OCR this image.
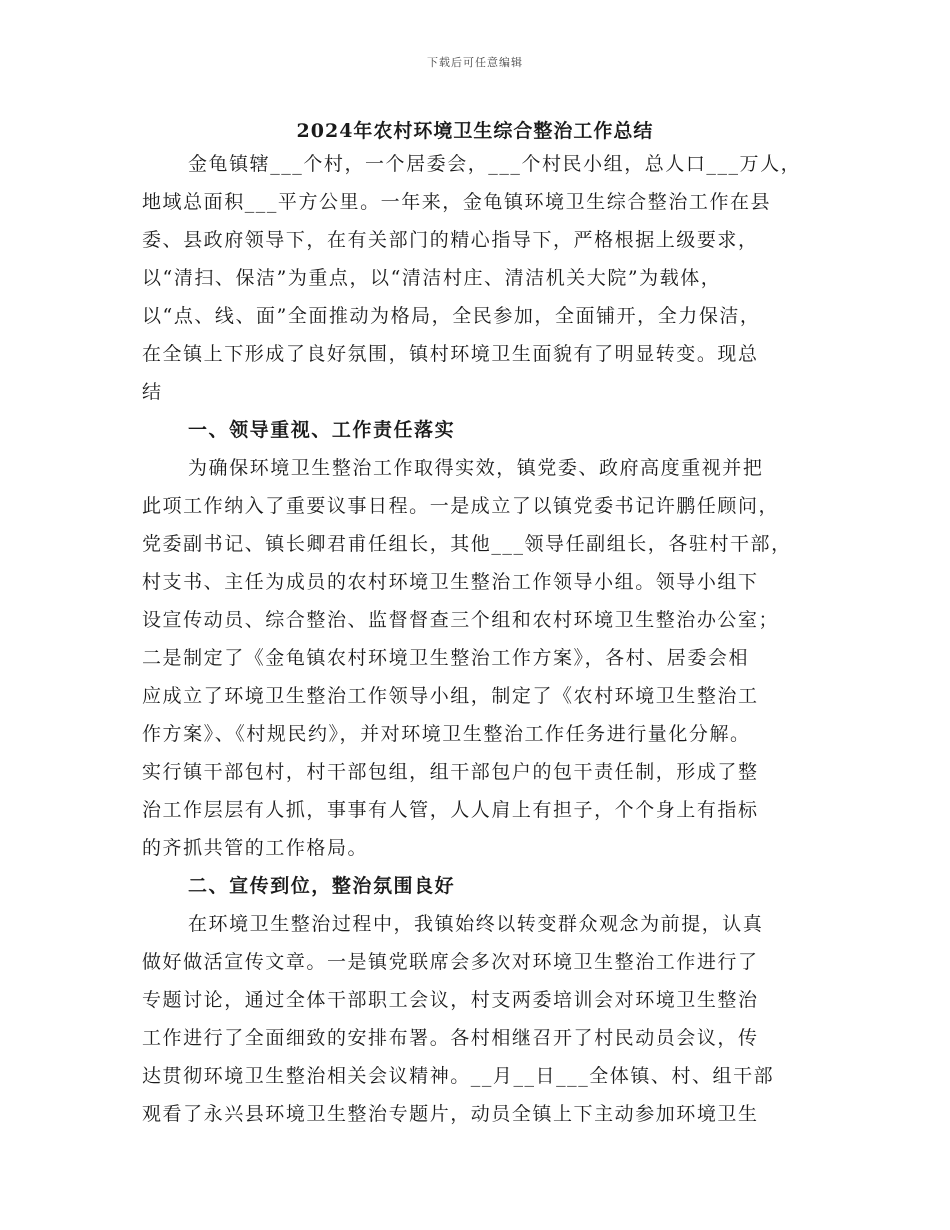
下载后可任意编辑
2024年农村环境卫生综合整治工作总结
金龟镇辖___个村，一个居委会，___个村民小组，总人口___万人，
地域总面积___平方公里。一年来，金龟镇环境卫生综合整治工作在县
委、县政府领导下，在有关部门的精心指导下，严格根据上级要求，
以“清扫、保洁”为重点，以“清洁村庄、清洁机关大院”为载体，
以“点、线、面”全面推动为格局，全民参加，全面铺开，全力保洁，
在全镇上下形成了良好氛围，镇村环境卫生面貌有了明显转变。现总
结
一、领导重视、工作责任落实
为确保环境卫生整治工作取得实效，镇党委、政府高度重视并把
此项工作纳入了重要议事日程。一是成立了以镇党委书记许鹏任顾问，
党委副书记、镇长卿君甫任组长，其他___领导任副组长，各驻村干部，
村支书、主任为成员的农村环境卫生整治工作领导小组。领导小组下
设宣传动员、综合整治、监督督查三个组和农村环境卫生整治办公室；
二是制定了《金龟镇农村环境卫生整治工作方案》，各村、居委会相
应成立了环境卫生整治工作领导小组，制定了《农村环境卫生整治工
作方案》、《村规民约》，并对环境卫生整治工作任务进行量化分解。
实行镇干部包村，村干部包组，组干部包户的包干责任制，形成了整
治工作层层有人抓，事事有人管，人人肩上有担子，个个身上有指标
的齐抓共管的工作格局。
二、宣传到位，整治氛围良好
在环境卫生整治过程中，我镇始终以转变群众观念为前提，认真
做好做活宣传文章。一是镇党联席会多次对环境卫生整治工作进行了
专题讨论，通过全体干部职工会议，村支两委培训会对环境卫生整治
工作进行了全面细致的安排布署。各村相继召开了村民动员会议，传
达贯彻环境卫生整治相关会议精神。__月__日___全体镇、村、组干部
观看了永兴县环境卫生整治专题片，动员全镇上下主动参加环境卫生
